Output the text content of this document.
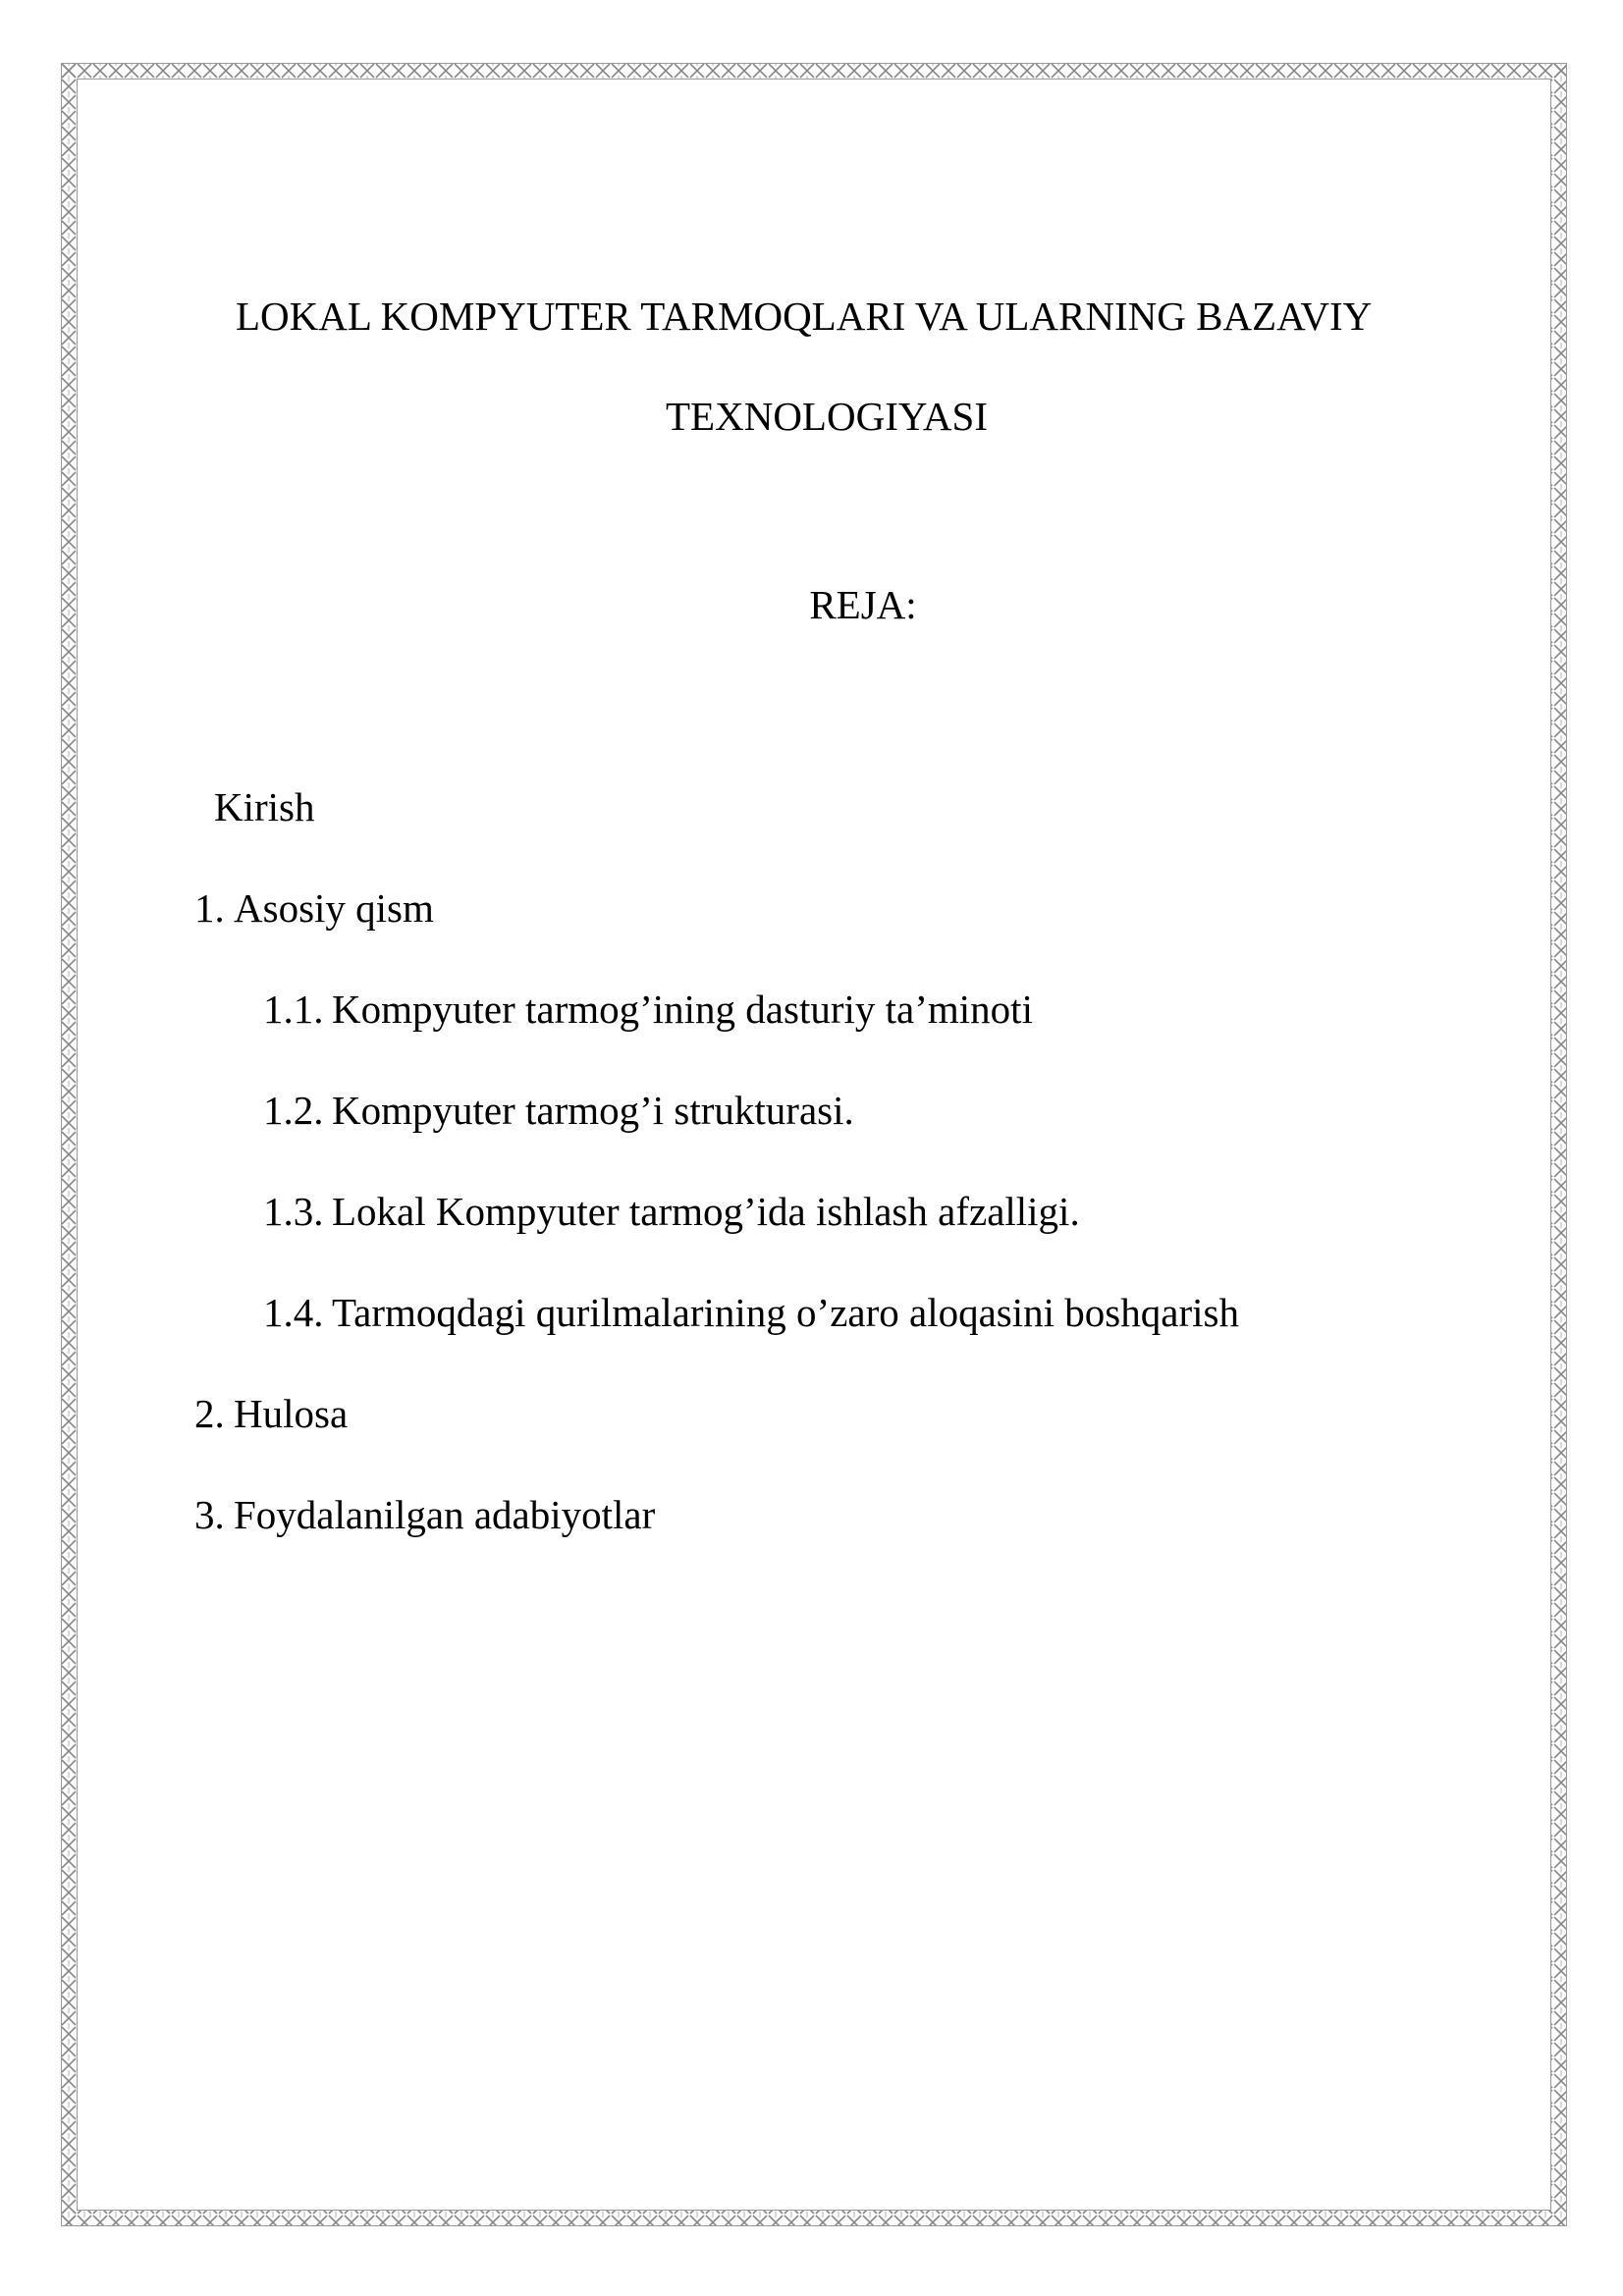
LOKAL KOMPYUTER TARMOQLARI VA ULARNING BAZAVIY
TEXNOLOGIYASI
REJA:
Kirish
1. Asosiy qism
1.1. Kompyuter tarmog’ining dasturiy ta’minoti
1.2. Kompyuter tarmog’i strukturasi.
1.3. Lokal Kompyuter tarmog’ida ishlash afzalligi.
1.4. Tarmoqdagi qurilmalarining o’zaro aloqasini boshqarish
2. Hulosa
3. Foydalanilgan adabiyotlar
